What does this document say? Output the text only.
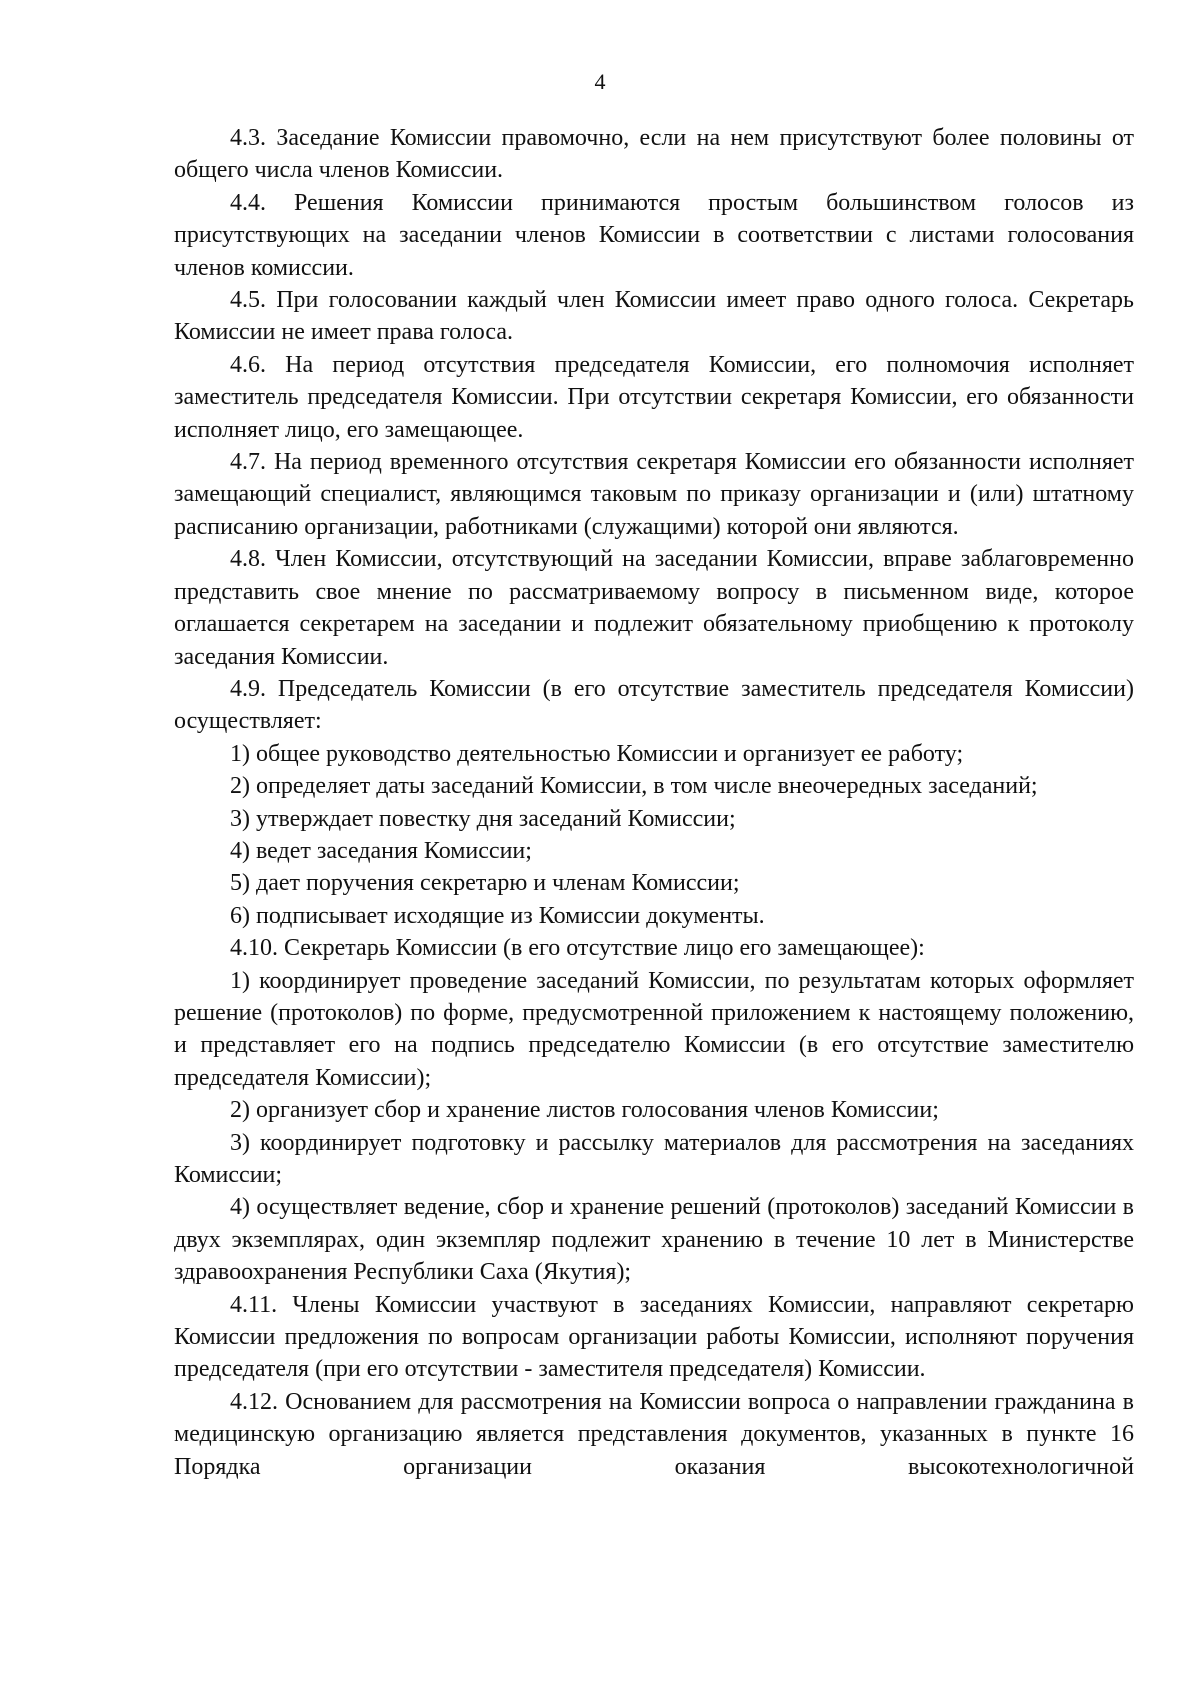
4

4.3. Заседание Комиссии правомочно, если на нем присутствуют более половины от общего числа членов Комиссии.

4.4. Решения Комиссии принимаются простым большинством голосов из присутствующих на заседании членов Комиссии в соответствии с листами голосования членов комиссии.

4.5. При голосовании каждый член Комиссии имеет право одного голоса. Секретарь Комиссии не имеет права голоса.

4.6. На период отсутствия председателя Комиссии, его полномочия исполняет заместитель председателя Комиссии. При отсутствии секретаря Комиссии, его обязанности исполняет лицо, его замещающее.

4.7. На период временного отсутствия секретаря Комиссии его обязанности исполняет замещающий специалист, являющимся таковым по приказу организации и (или) штатному расписанию организации, работниками (служащими) которой они являются.

4.8. Член Комиссии, отсутствующий на заседании Комиссии, вправе заблаговременно представить свое мнение по рассматриваемому вопросу в письменном виде, которое оглашается секретарем на заседании и подлежит обязательному приобщению к протоколу заседания Комиссии.

4.9. Председатель Комиссии (в его отсутствие заместитель председателя Комиссии) осуществляет:

1) общее руководство деятельностью Комиссии и организует ее работу;

2) определяет даты заседаний Комиссии, в том числе внеочередных заседаний;

3) утверждает повестку дня заседаний Комиссии;

4) ведет заседания Комиссии;

5) дает поручения секретарю и членам Комиссии;

6) подписывает исходящие из Комиссии документы.

4.10. Секретарь Комиссии (в его отсутствие лицо его замещающее):

1) координирует проведение заседаний Комиссии, по результатам которых оформляет решение (протоколов) по форме, предусмотренной приложением к настоящему положению, и представляет его на подпись председателю Комиссии (в его отсутствие заместителю председателя Комиссии);

2) организует сбор и хранение листов голосования членов Комиссии;

3) координирует подготовку и рассылку материалов для рассмотрения на заседаниях Комиссии;

4) осуществляет ведение, сбор и хранение решений (протоколов) заседаний Комиссии в двух экземплярах, один экземпляр подлежит хранению в течение 10 лет в Министерстве здравоохранения Республики Саха (Якутия);

4.11. Члены Комиссии участвуют в заседаниях Комиссии, направляют секретарю Комиссии предложения по вопросам организации работы Комиссии, исполняют поручения председателя (при его отсутствии - заместителя председателя) Комиссии.

4.12. Основанием для рассмотрения на Комиссии вопроса о направлении гражданина в медицинскую организацию является представления документов, указанных в пункте 16 Порядка организации оказания высокотехнологичной
